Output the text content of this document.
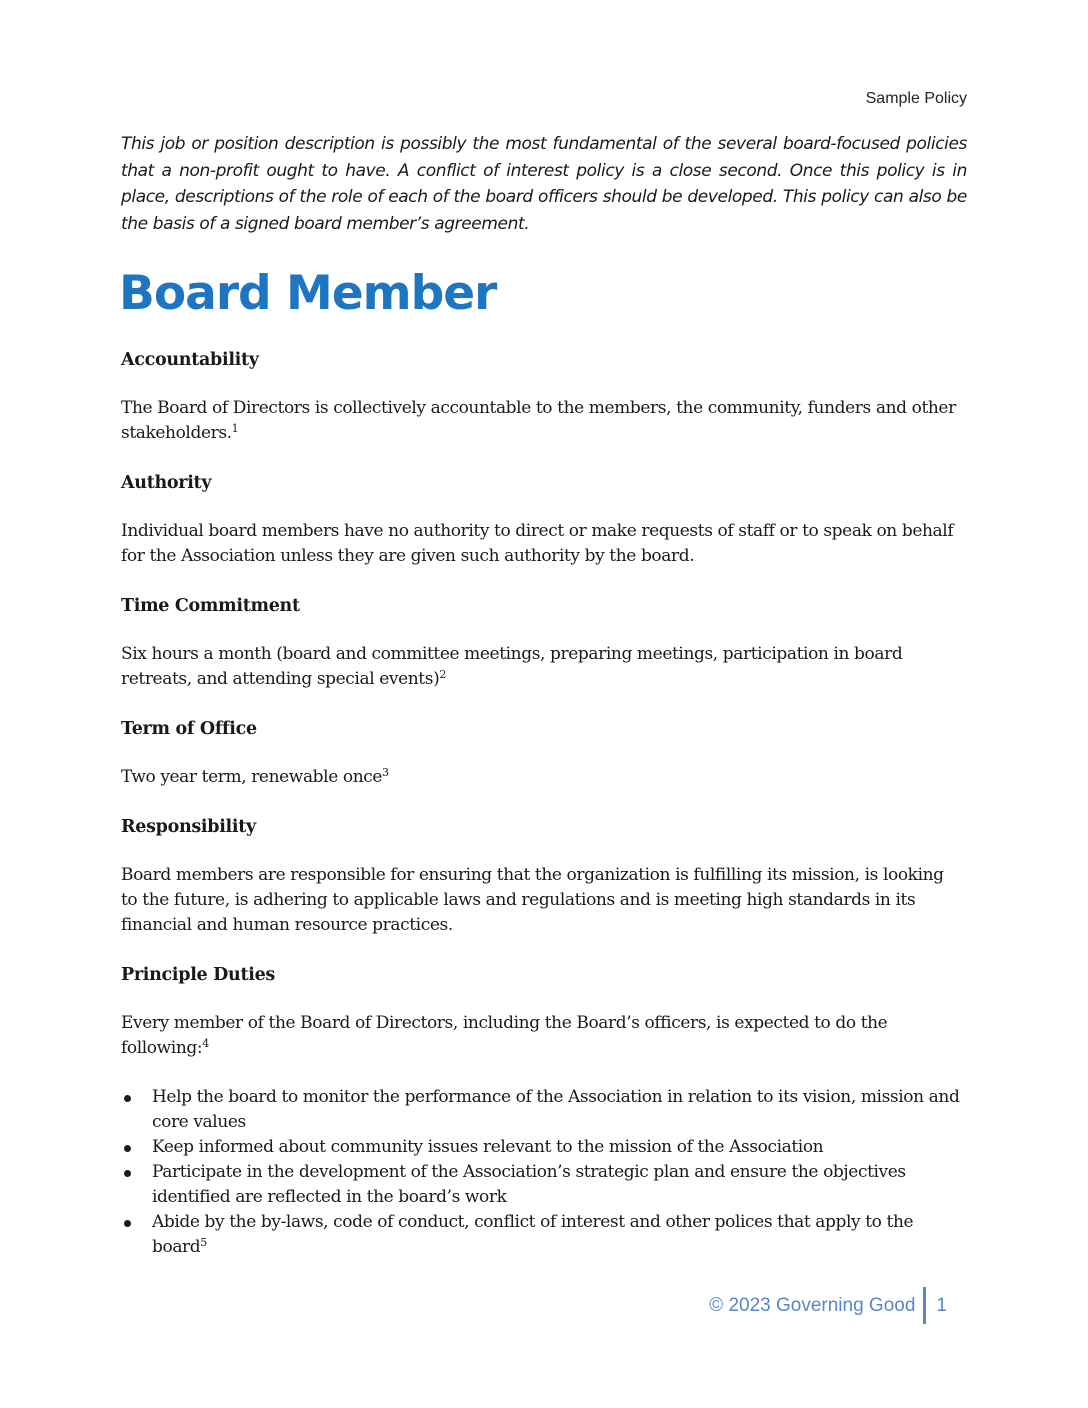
Sample Policy

This job or position description is possibly the most fundamental of the several board-focused policies that a non-profit ought to have. A conflict of interest policy is a close second. Once this policy is in place, descriptions of the role of each of the board officers should be developed. This policy can also be the basis of a signed board member’s agreement.

Board Member
Accountability

The Board of Directors is collectively accountable to the members, the community, funders and other stakeholders.$^1$

Authority

Individual board members have no authority to direct or make requests of staff or to speak on behalf for the Association unless they are given such authority by the board.

Time Commitment

Six hours a month (board and committee meetings, preparing meetings, participation in board retreats, and attending special events)$^2$

Term of Office

Two year term, renewable once$^3$

Responsibility

Board members are responsible for ensuring that the organization is fulfilling its mission, is looking to the future, is adhering to applicable laws and regulations and is meeting high standards in its financial and human resource practices.

Principle Duties

Every member of the Board of Directors, including the Board’s officers, is expected to do the following:$^4$

Help the board to monitor the performance of the Association in relation to its vision, mission and core values
Keep informed about community issues relevant to the mission of the Association
Participate in the development of the Association’s strategic plan and ensure the objectives identified are reflected in the board’s work
Abide by the by-laws, code of conduct, conflict of interest and other polices that apply to the board$^5$
© 2023 Governing Good 1
